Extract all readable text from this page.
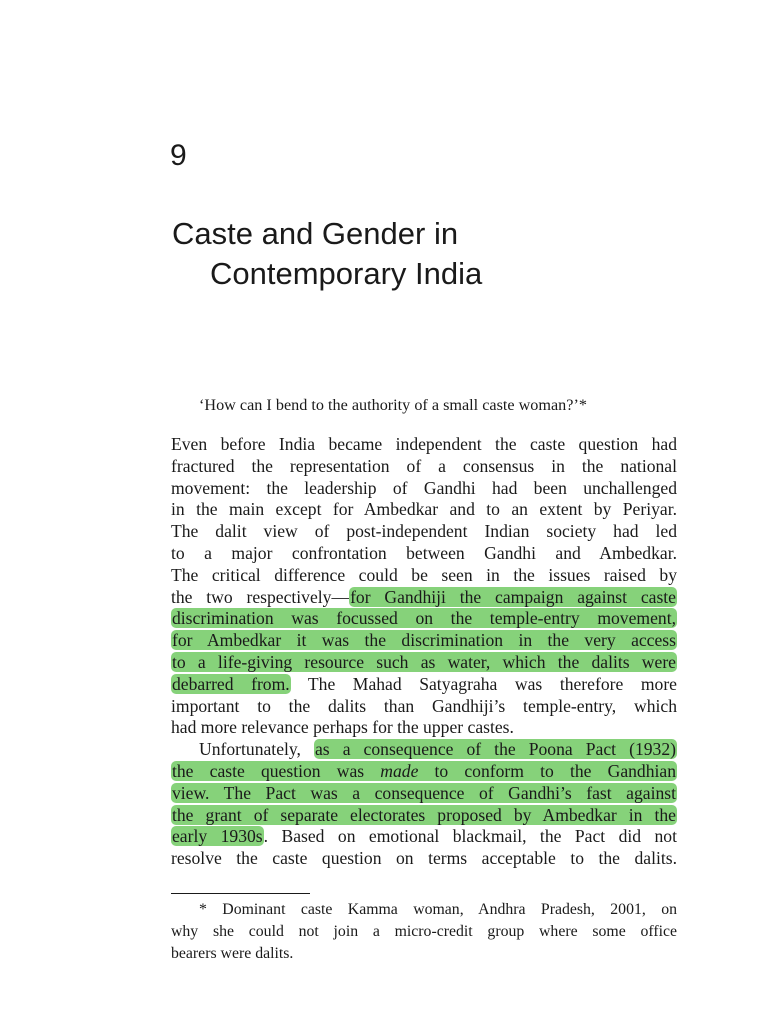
9
Caste and Gender in
Contemporary India
‘How can I bend to the authority of a small caste woman?’*
Even before India became independent the caste question had
fractured the representation of a consensus in the national
movement: the leadership of Gandhi had been unchallenged
in the main except for Ambedkar and to an extent by Periyar.
The dalit view of post-independent Indian society had led
to a major confrontation between Gandhi and Ambedkar.
The critical difference could be seen in the issues raised by
the two respectively—for Gandhiji the campaign against caste
discrimination was focussed on the temple-entry movement,
for Ambedkar it was the discrimination in the very access
to a life-giving resource such as water, which the dalits were
debarred from. The Mahad Satyagraha was therefore more
important to the dalits than Gandhiji’s temple-entry, which
had more relevance perhaps for the upper castes.
Unfortunately, as a consequence of the Poona Pact (1932)
the caste question was made to conform to the Gandhian
view. The Pact was a consequence of Gandhi’s fast against
the grant of separate electorates proposed by Ambedkar in the
early 1930s. Based on emotional blackmail, the Pact did not
resolve the caste question on terms acceptable to the dalits.
* Dominant caste Kamma woman, Andhra Pradesh, 2001, on
why she could not join a micro-credit group where some office
bearers were dalits.
